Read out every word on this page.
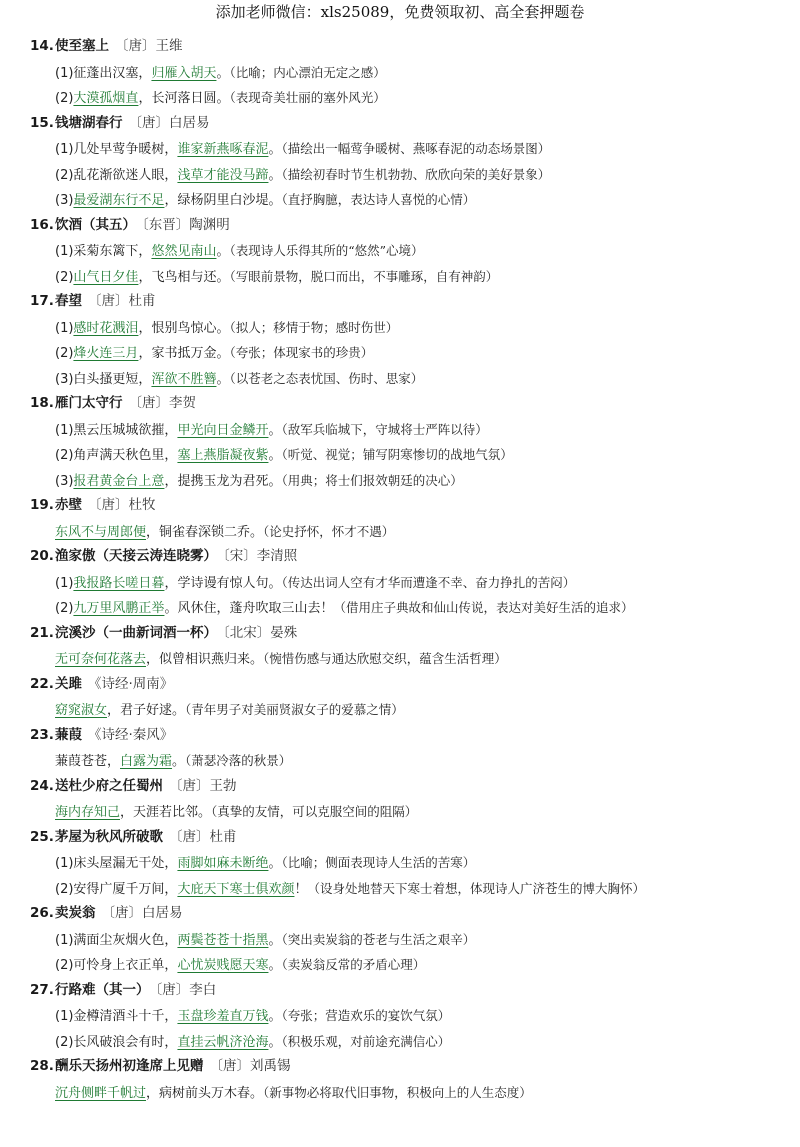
添加老师微信：xls25089，免费领取初、高全套押题卷
14.使至塞上 〔唐〕王维
(1)征蓬出汉塞，归雁入胡天。（比喻；内心漂泊无定之感）
(2)大漠孤烟直，长河落日圆。（表现奇美壮丽的塞外风光）
15.钱塘湖春行 〔唐〕白居易
(1)几处早莺争暖树，谁家新燕啄春泥。（描绘出一幅莺争暖树、燕啄春泥的动态场景图）
(2)乱花渐欲迷人眼，浅草才能没马蹄。（描绘初春时节生机勃勃、欣欣向荣的美好景象）
(3)最爱湖东行不足，绿杨阴里白沙堤。（直抒胸臆，表达诗人喜悦的心情）
16.饮酒（其五） 〔东晋〕陶渊明
(1)采菊东篱下，悠然见南山。（表现诗人乐得其所的“悠然”心境）
(2)山气日夕佳，飞鸟相与还。（写眼前景物，脱口而出，不事雕琢，自有神韵）
17.春望 〔唐〕杜甫
(1)感时花溅泪，恨别鸟惊心。（拟人；移情于物；感时伤世）
(2)烽火连三月，家书抵万金。（夸张；体现家书的珍贵）
(3)白头搔更短，浑欲不胜簪。（以苍老之态表忧国、伤时、思家）
18.雁门太守行 〔唐〕李贺
(1)黑云压城城欲摧，甲光向日金鳞开。（敌军兵临城下，守城将士严阵以待）
(2)角声满天秋色里，塞上燕脂凝夜紫。（听觉、视觉；铺写阴寒惨切的战地气氛）
(3)报君黄金台上意，提携玉龙为君死。（用典；将士们报效朝廷的决心）
19.赤壁 〔唐〕杜牧
东风不与周郎便，铜雀春深锁二乔。（论史抒怀，怀才不遇）
20.渔家傲（天接云涛连晓雾） 〔宋〕李清照
(1)我报路长嗟日暮，学诗谩有惊人句。（传达出词人空有才华而遭逢不幸、奋力挣扎的苦闷）
(2)九万里风鹏正举。风休住，蓬舟吹取三山去！（借用庄子典故和仙山传说，表达对美好生活的追求）
21.浣溪沙（一曲新词酒一杯） 〔北宋〕晏殊
无可奈何花落去，似曾相识燕归来。（惋惜伤感与通达欣慰交织，蕴含生活哲理）
22.关雎 《诗经·周南》
窈窕淑女，君子好逑。（青年男子对美丽贤淑女子的爱慕之情）
23.蒹葭 《诗经·秦风》
蒹葭苍苍，白露为霜。（萧瑟冷落的秋景）
24.送杜少府之任蜀州 〔唐〕王勃
海内存知己，天涯若比邻。（真挚的友情，可以克服空间的阻隔）
25.茅屋为秋风所破歌 〔唐〕杜甫
(1)床头屋漏无干处，雨脚如麻未断绝。（比喻；侧面表现诗人生活的苦寒）
(2)安得广厦千万间，大庇天下寒士俱欢颜！（设身处地替天下寒士着想，体现诗人广济苍生的博大胸怀）
26.卖炭翁 〔唐〕白居易
(1)满面尘灰烟火色，两鬓苍苍十指黑。（突出卖炭翁的苍老与生活之艰辛）
(2)可怜身上衣正单，心忧炭贱愿天寒。（卖炭翁反常的矛盾心理）
27.行路难（其一） 〔唐〕李白
(1)金樽清酒斗十千，玉盘珍羞直万钱。（夸张；营造欢乐的宴饮气氛）
(2)长风破浪会有时，直挂云帆济沧海。（积极乐观，对前途充满信心）
28.酬乐天扬州初逢席上见赠 〔唐〕刘禹锡
沉舟侧畔千帆过，病树前头万木春。（新事物必将取代旧事物，积极向上的人生态度）
